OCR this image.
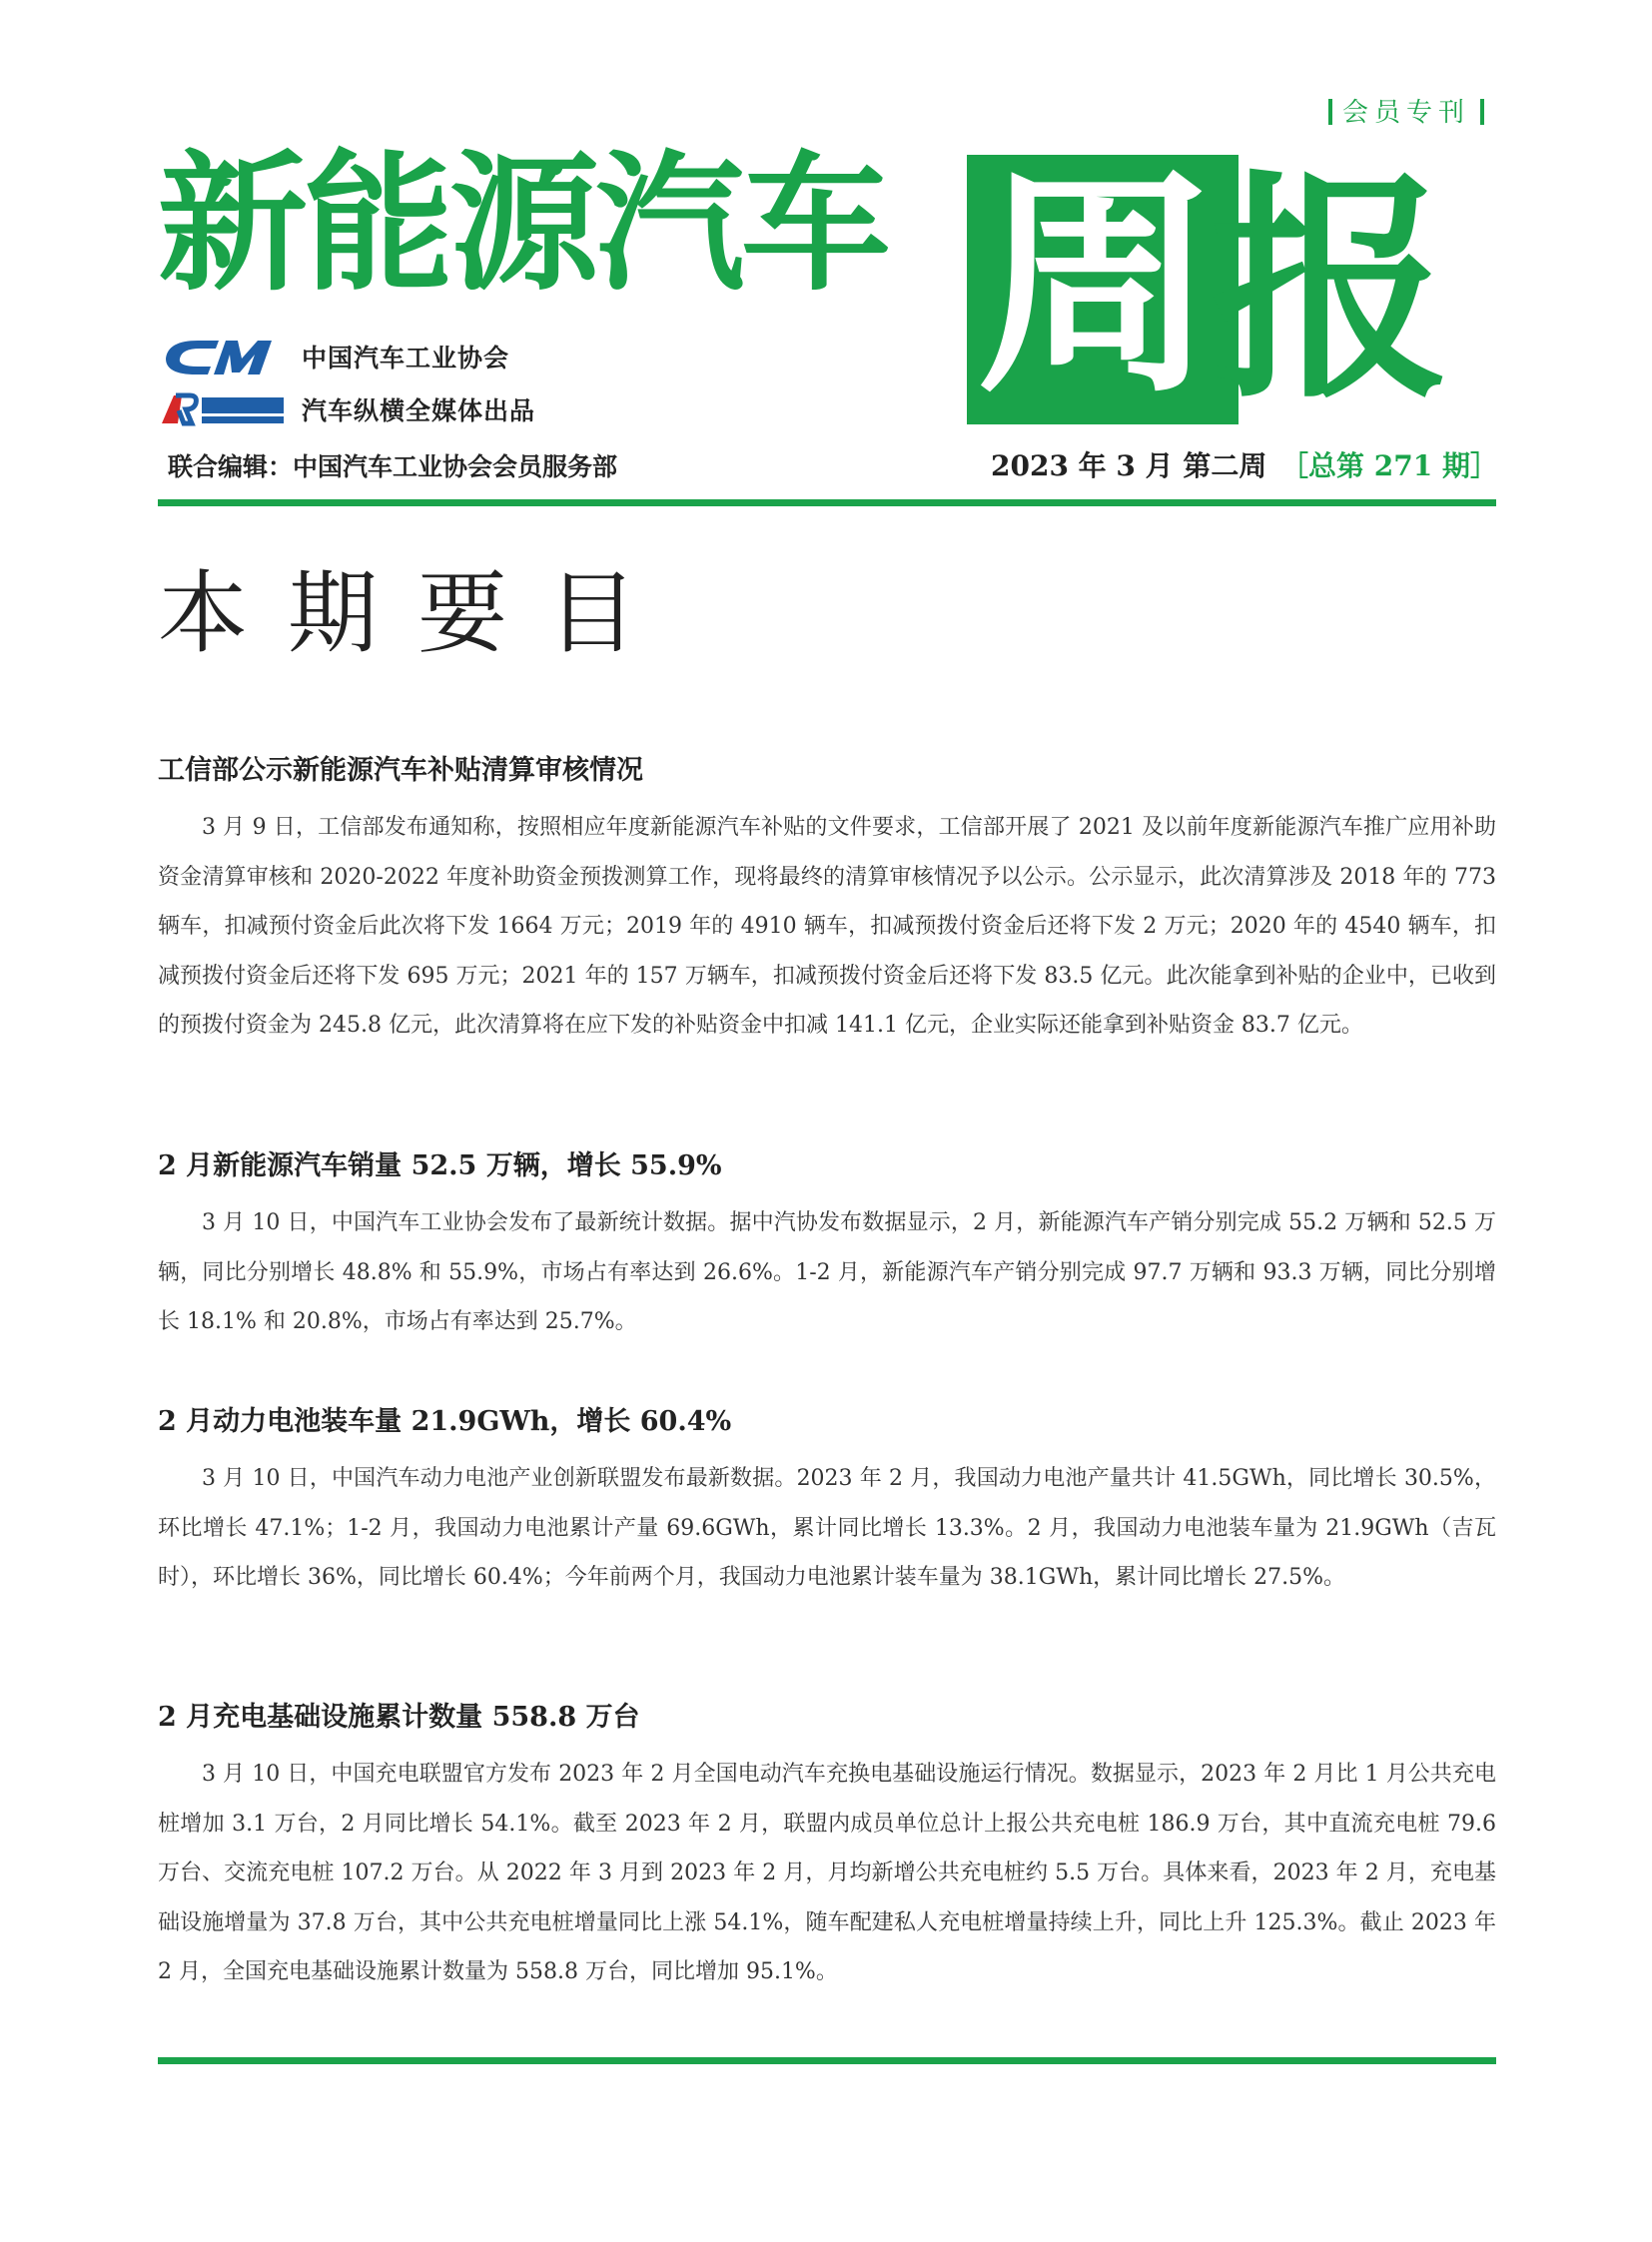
会员专刊
新能源汽车 周
报
中国汽车工业协会
汽车纵横全媒体出品
联合编辑：中国汽车工业协会会员服务部	2023 年 3 月 第二周 ［总第 271 期］
本期要目
工信部公示新能源汽车补贴清算审核情况

3 月 9 日，工信部发布通知称，按照相应年度新能源汽车补贴的文件要求，工信部开展了 2021 及以前年度新能源汽车推广应用补助资金清算审核和 2020-2022 年度补助资金预拨测算工作，现将最终的清算审核情况予以公示。公示显示，此次清算涉及 2018 年的 773 辆车，扣减预付资金后此次将下发 1664 万元；2019 年的 4910 辆车，扣减预拨付资金后还将下发 2 万元；2020 年的 4540 辆车，扣减预拨付资金后还将下发 695 万元；2021 年的 157 万辆车，扣减预拨付资金后还将下发 83.5 亿元。此次能拿到补贴的企业中，已收到的预拨付资金为 245.8 亿元，此次清算将在应下发的补贴资金中扣减 141.1 亿元，企业实际还能拿到补贴资金 83.7 亿元。

2 月新能源汽车销量 52.5 万辆，增长 55.9%

3 月 10 日，中国汽车工业协会发布了最新统计数据。据中汽协发布数据显示，2 月，新能源汽车产销分别完成 55.2 万辆和 52.5 万辆，同比分别增长 48.8% 和 55.9%，市场占有率达到 26.6%。1-2 月，新能源汽车产销分别完成 97.7 万辆和 93.3 万辆，同比分别增长 18.1% 和 20.8%，市场占有率达到 25.7%。

2 月动力电池装车量 21.9GWh，增长 60.4%

3 月 10 日，中国汽车动力电池产业创新联盟发布最新数据。2023 年 2 月，我国动力电池产量共计 41.5GWh，同比增长 30.5%，环比增长 47.1%；1-2 月，我国动力电池累计产量 69.6GWh，累计同比增长 13.3%。2 月，我国动力电池装车量为 21.9GWh（吉瓦时），环比增长 36%，同比增长 60.4%；今年前两个月，我国动力电池累计装车量为 38.1GWh，累计同比增长 27.5%。

2 月充电基础设施累计数量 558.8 万台

3 月 10 日，中国充电联盟官方发布 2023 年 2 月全国电动汽车充换电基础设施运行情况。数据显示，2023 年 2 月比 1 月公共充电桩增加 3.1 万台，2 月同比增长 54.1%。截至 2023 年 2 月，联盟内成员单位总计上报公共充电桩 186.9 万台，其中直流充电桩 79.6 万台、交流充电桩 107.2 万台。从 2022 年 3 月到 2023 年 2 月，月均新增公共充电桩约 5.5 万台。具体来看，2023 年 2 月，充电基础设施增量为 37.8 万台，其中公共充电桩增量同比上涨 54.1%，随车配建私人充电桩增量持续上升，同比上升 125.3%。截止 2023 年 2 月，全国充电基础设施累计数量为 558.8 万台，同比增加 95.1%。
